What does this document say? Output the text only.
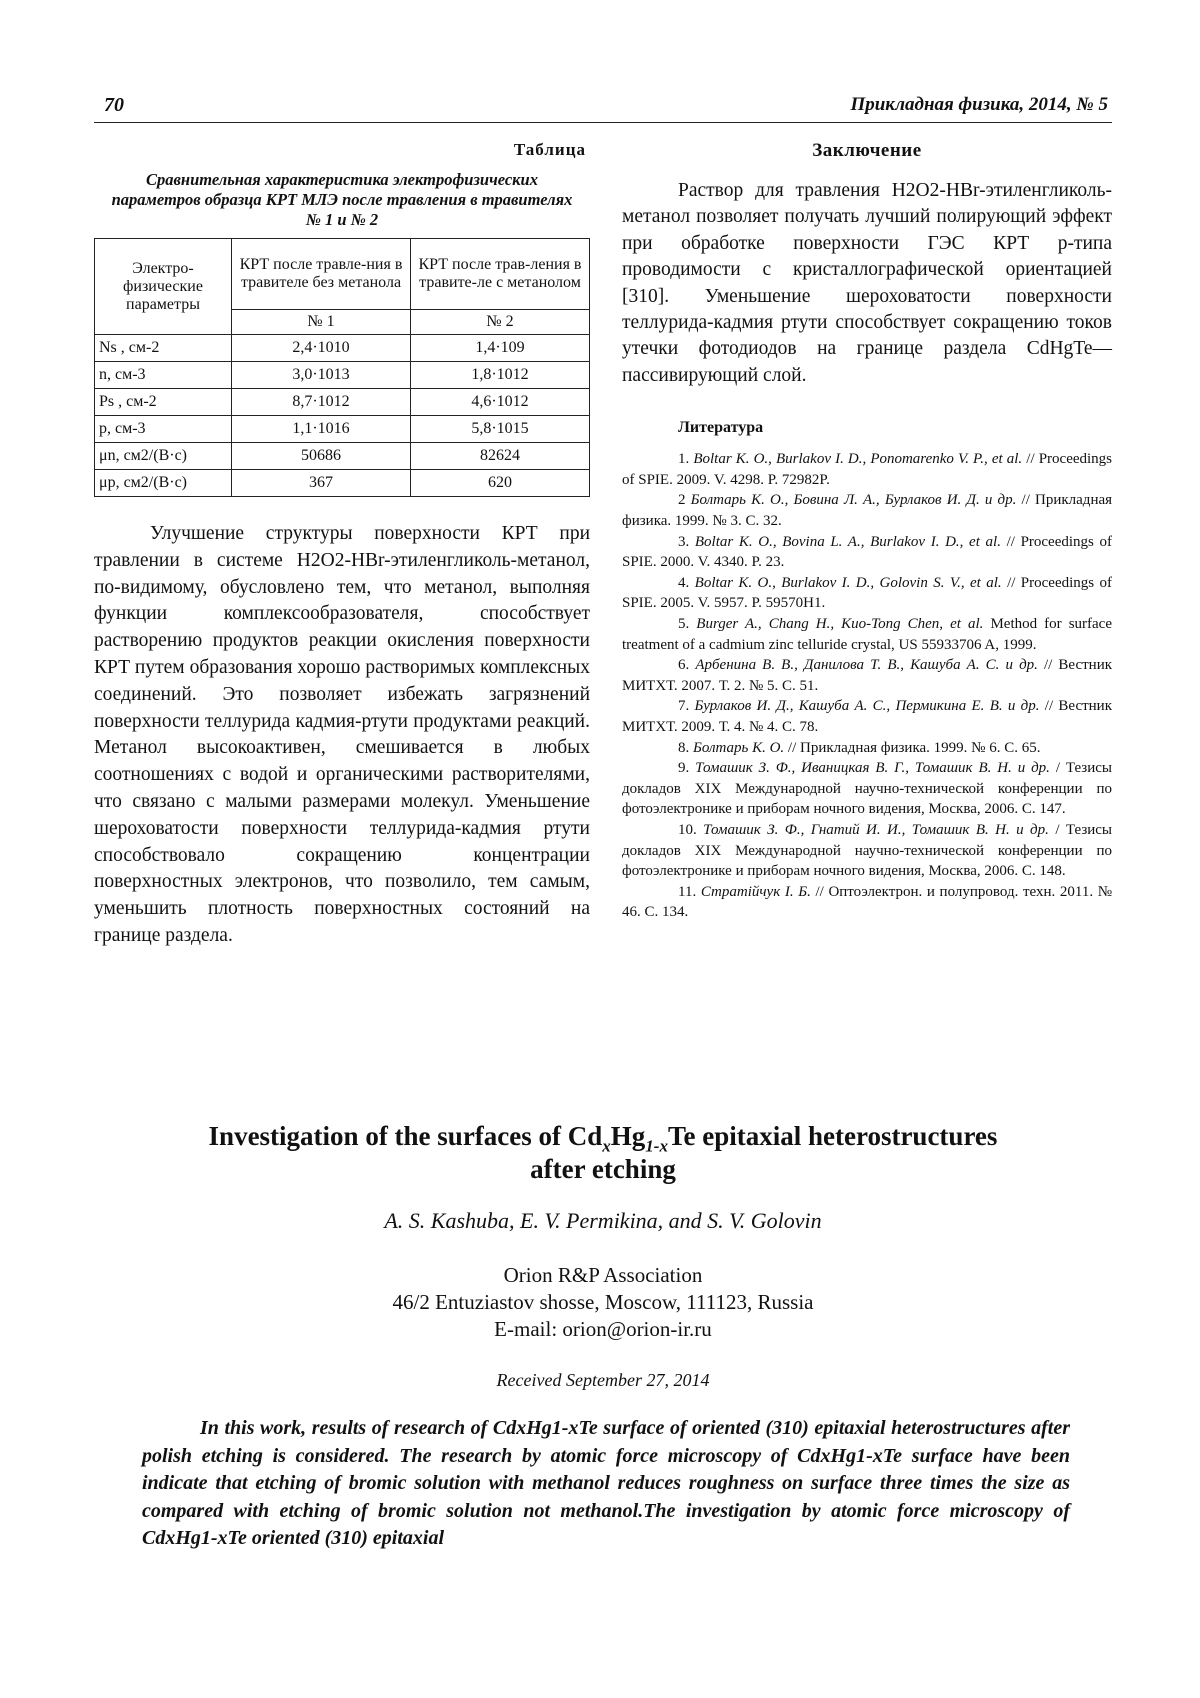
70	Прикладная физика, 2014, № 5
Таблица
Сравнительная характеристика электрофизических параметров образца КРТ МЛЭ после травления в травителях № 1 и № 2
Электро-физические параметры	КРТ после травле-ния в травителе без метанола	КРТ после трав-ления в травите-ле с метанолом
	№ 1	№ 2
Ns , см-2	2,4·1010	1,4·109
n, см-3	3,0·1013	1,8·1012
Ps , см-2	8,7·1012	4,6·1012
p, см-3	1,1·1016	5,8·1015
μn, см2/(В·с)	50686	82624
μp, см2/(В·с)	367	620
Улучшение структуры поверхности КРТ при травлении в системе H2O2-HBr-этиленгликоль-метанол, по-видимому, обусловлено тем, что метанол, выполняя функции комплексообразователя, способствует растворению продуктов реакции окисления поверхности КРТ путем образования хорошо растворимых комплексных соединений. Это позволяет избежать загрязнений поверхности теллурида кадмия-ртути продуктами реакций. Метанол высокоактивен, смешивается в любых соотношениях с водой и органическими растворителями, что связано с малыми размерами молекул. Уменьшение шероховатости поверхности теллурида-кадмия ртути способствовало сокращению концентрации поверхностных электронов, что позволило, тем самым, уменьшить плотность поверхностных состояний на границе раздела.
Заключение

Раствор для травления H2O2-HBr-этиленгликоль-метанол позволяет получать лучший полирующий эффект при обработке поверхности ГЭС КРТ p-типа проводимости с кристаллографической ориентацией [310]. Уменьшение шероховатости поверхности теллурида-кадмия ртути способствует сокращению токов утечки фотодиодов на границе раздела CdHgTe—пассивирующий слой.

Литература

1. Boltar K. O., Burlakov I. D., Ponomarenko V. P., et al. // Proceedings of SPIE. 2009. V. 4298. P. 72982P.

2 Болтарь К. О., Бовина Л. А., Бурлаков И. Д. и др. // Прикладная физика. 1999. № 3. С. 32.

3. Boltar K. O., Bovina L. A., Burlakov I. D., et al. // Proceedings of SPIE. 2000. V. 4340. P. 23.

4. Boltar K. O., Burlakov I. D., Golovin S. V., et al. // Proceedings of SPIE. 2005. V. 5957. P. 59570H1.

5. Burger A., Chang H., Kuo-Tong Chen, et al. Method for surface treatment of a cadmium zinc telluride crystal, US 55933706 A, 1999.

6. Арбенина В. В., Данилова Т. В., Кашуба А. С. и др. // Вестник МИТХТ. 2007. Т. 2. № 5. С. 51.

7. Бурлаков И. Д., Кашуба А. С., Пермикина Е. В. и др. // Вестник МИТХТ. 2009. Т. 4. № 4. С. 78.

8. Болтарь К. О. // Прикладная физика. 1999. № 6. С. 65.

9. Томашик З. Ф., Иваницкая В. Г., Томашик В. Н. и др. / Тезисы докладов XIX Международной научно-технической конференции по фотоэлектронике и приборам ночного видения, Москва, 2006. С. 147.

10. Томашик З. Ф., Гнатий И. И., Томашик В. Н. и др. / Тезисы докладов XIX Международной научно-технической конференции по фотоэлектронике и приборам ночного видения, Москва, 2006. С. 148.

11. Стратійчук І. Б. // Оптоэлектрон. и полупровод. техн. 2011. № 46. С. 134.

Investigation of the surfaces of $Cd_xHg_{1-x}Te$ epitaxial heterostructures
after etching
A. S. Kashuba, E. V. Permikina, and S. V. Golovin
Orion R&P Association
46/2 Entuziastov shosse, Moscow, 111123, Russia
E-mail: orion@orion-ir.ru
Received September 27, 2014
In this work, results of research of CdxHg1-xTe surface of oriented (310) epitaxial heterostructures after polish etching is considered. The research by atomic force microscopy of CdxHg1-xTe surface have been indicate that etching of bromic solution with methanol reduces roughness on surface three times the size as compared with etching of bromic solution not methanol.The investigation by atomic force microscopy of CdxHg1-xTe oriented (310) epitaxial
